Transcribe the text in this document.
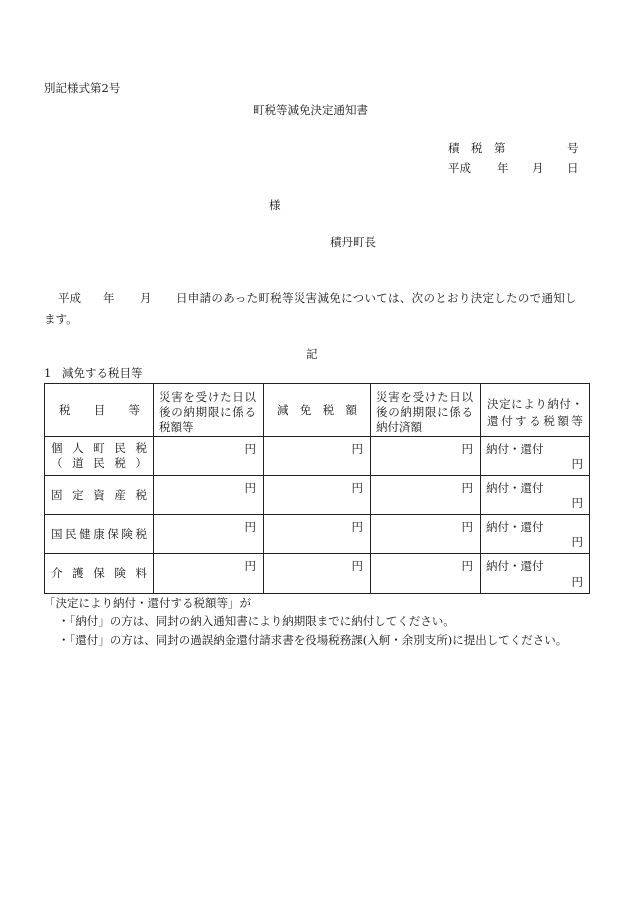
別記様式第2号
町税等減免決定通知書
積 税 第	号
平成 年 月 日
様
積丹町長
平成 年 月 日申請のあった町税等災害減免については、次のとおり決定したので通知し
ます。
記
1 減免する税目等
税目等	災害を受けた日以後の納期限に係る税額等	減免税額	災害を受けた日以後の納期限に係る納付済額	決定により納付・還付する税額等

個人町民税
（道民税）	円	円	円	納付・還付
円

固定資産税	円	円	円	納付・還付
円

国民健康保険税	円	円	円	納付・還付
円

介護保険料	円	円	円	納付・還付
円
「決定により納付・還付する税額等」が
・「納付」の方は、同封の納入通知書により納期限までに納付してください。
・「還付」の方は、同封の過誤納金還付請求書を役場税務課(入舸・余別支所)に提出してください。
